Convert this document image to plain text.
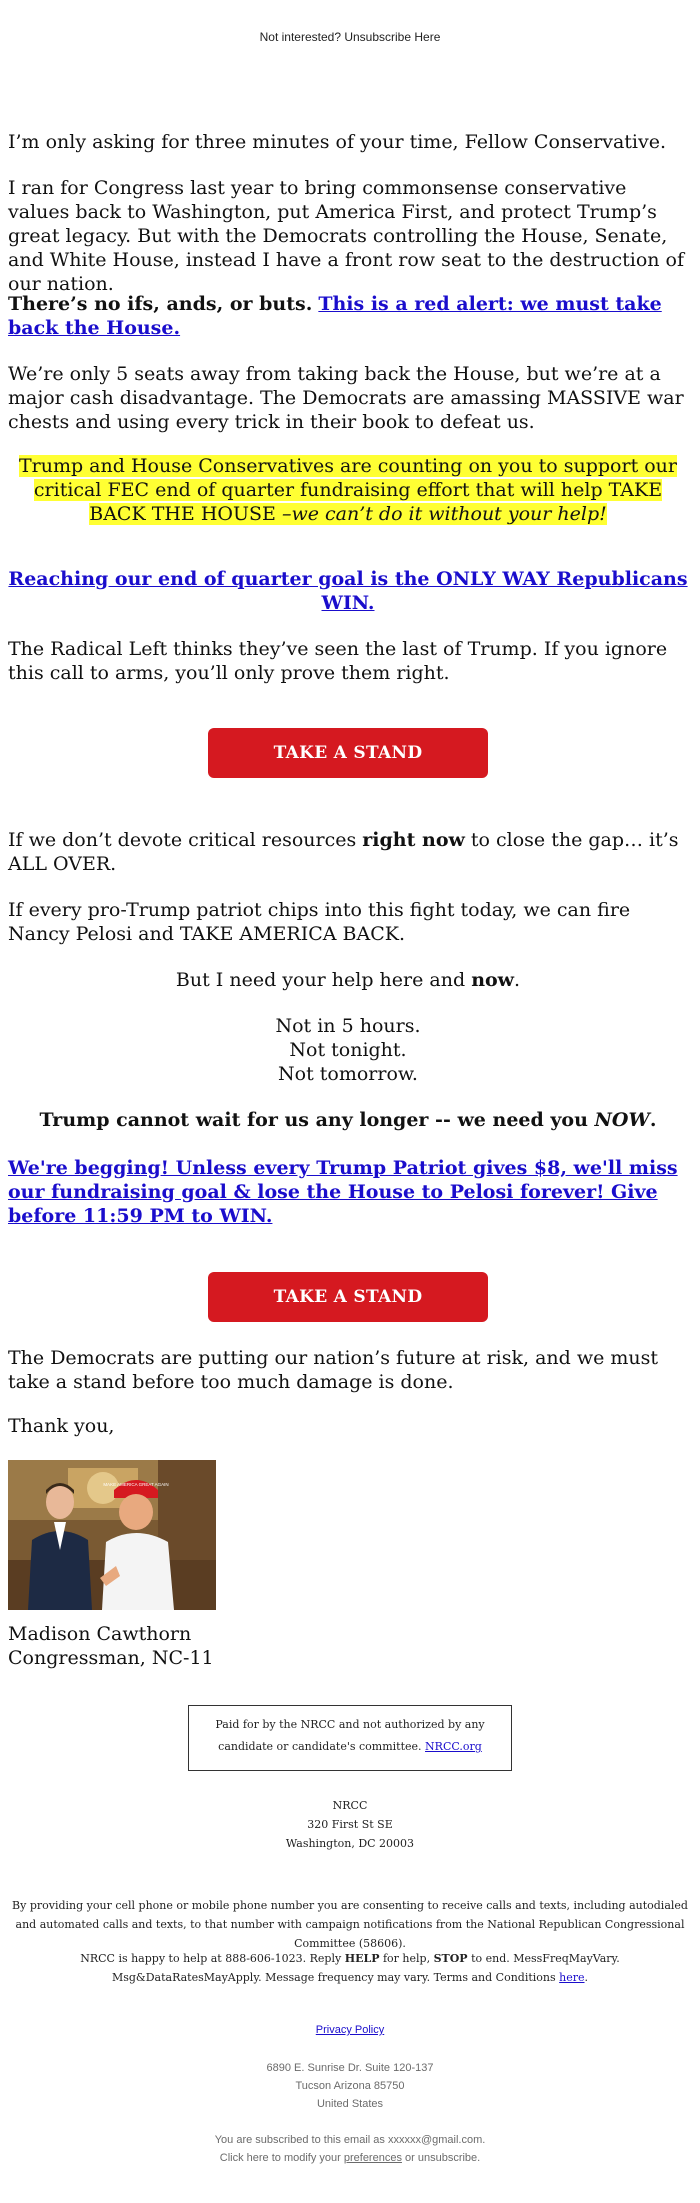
Not interested? Unsubscribe Here

I’m only asking for three minutes of your time, Fellow Conservative.

I ran for Congress last year to bring commonsense conservative values back to Washington, put America First, and protect Trump’s great legacy. But with the Democrats controlling the House, Senate, and White House, instead I have a front row seat to the destruction of our nation.

There’s no ifs, ands, or buts. This is a red alert: we must take back the House.

We’re only 5 seats away from taking back the House, but we’re at a major cash disadvantage. The Democrats are amassing MASSIVE war chests and using every trick in their book to defeat us.

Trump and House Conservatives are counting on you to support our critical FEC end of quarter fundraising effort that will help TAKE BACK THE HOUSE –we can’t do it without your help!

Reaching our end of quarter goal is the ONLY WAY Republicans WIN.

The Radical Left thinks they’ve seen the last of Trump. If you ignore this call to arms, you’ll only prove them right.

TAKE A STAND

If we don’t devote critical resources right now to close the gap… it’s ALL OVER.

If every pro-Trump patriot chips into this fight today, we can fire Nancy Pelosi and TAKE AMERICA BACK.

But I need your help here and now.

Not in 5 hours.

Not tonight.

Not tomorrow.

Trump cannot wait for us any longer -- we need you NOW.

We're begging! Unless every Trump Patriot gives $8, we'll miss our fundraising goal & lose the House to Pelosi forever! Give before 11:59 PM to WIN.

TAKE A STAND

The Democrats are putting our nation’s future at risk, and we must take a stand before too much damage is done.

Thank you,

MAKE AMERICA GREAT AGAIN

Madison Cawthorn

Congressman, NC-11

Paid for by the NRCC and not authorized by any candidate or candidate's committee. NRCC.org
NRCC
320 First St SE
Washington, DC 20003
By providing your cell phone or mobile phone number you are consenting to receive calls and texts, including autodialed and automated calls and texts, to that number with campaign notifications from the National Republican Congressional Committee (58606).
NRCC is happy to help at 888-606-1023. Reply HELP for help, STOP to end. MessFreqMayVary. Msg&DataRatesMayApply. Message frequency may vary. Terms and Conditions here.
Privacy Policy
6890 E. Sunrise Dr. Suite 120-137
Tucson Arizona 85750
United States
You are subscribed to this email as xxxxxx@gmail.com.
Click here to modify your preferences or unsubscribe.
